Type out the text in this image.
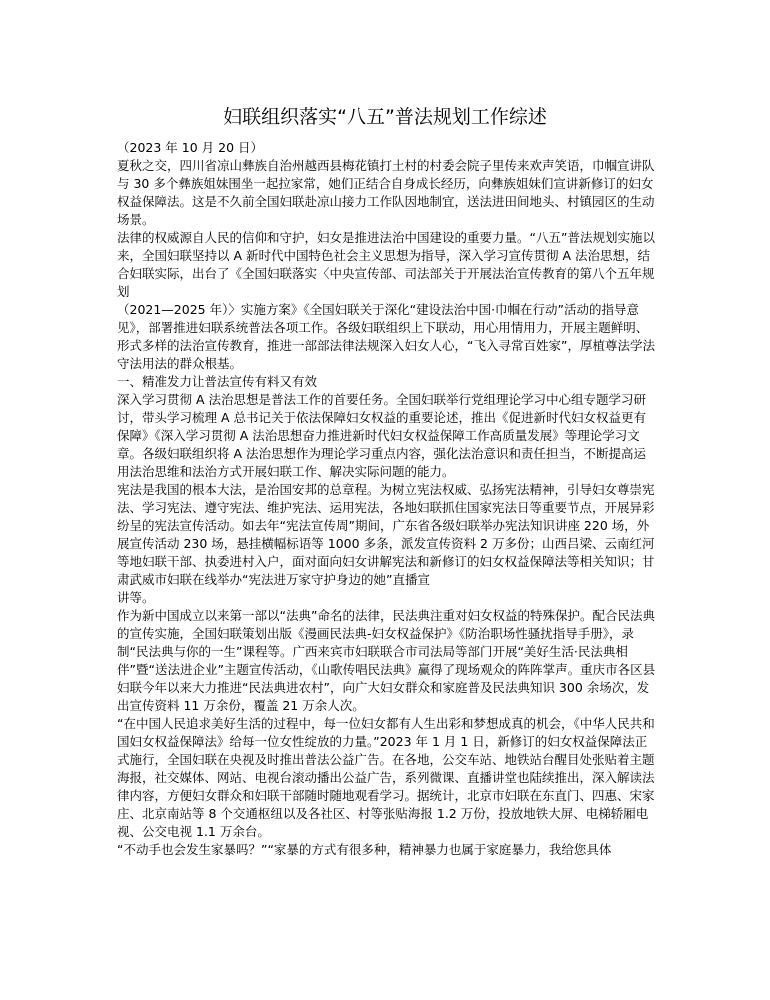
妇联组织落实“八五”普法规划工作综述

（2023 年 10 月 20 日）

夏秋之交，四川省凉山彝族自治州越西县梅花镇打土村的村委会院子里传来欢声笑语，巾帼宣讲队与 30 多个彝族姐妹围坐一起拉家常，她们正结合自身成长经历，向彝族姐妹们宣讲新修订的妇女权益保障法。这是不久前全国妇联赴凉山接力工作队因地制宜，送法进田间地头、村镇园区的生动场景。

法律的权威源自人民的信仰和守护，妇女是推进法治中国建设的重要力量。“八五”普法规划实施以来，全国妇联坚持以 A 新时代中国特色社会主义思想为指导，深入学习宣传贯彻 A 法治思想，结合妇联实际，出台了《全国妇联落实〈中央宣传部、司法部关于开展法治宣传教育的第八个五年规划

（2021—2025 年）〉实施方案》《全国妇联关于深化“建设法治中国·巾帼在行动”活动的指导意见》，部署推进妇联系统普法各项工作。各级妇联组织上下联动，用心用情用力，开展主题鲜明、形式多样的法治宣传教育，推进一部部法律法规深入妇女人心，“飞入寻常百姓家”，厚植尊法学法守法用法的群众根基。

一、精准发力让普法宣传有料又有效

深入学习贯彻 A 法治思想是普法工作的首要任务。全国妇联举行党组理论学习中心组专题学习研讨，带头学习梳理 A 总书记关于依法保障妇女权益的重要论述，推出《促进新时代妇女权益更有保障》《深入学习贯彻 A 法治思想奋力推进新时代妇女权益保障工作高质量发展》等理论学习文章。各级妇联组织将 A 法治思想作为理论学习重点内容，强化法治意识和责任担当，不断提高运用法治思维和法治方式开展妇联工作、解决实际问题的能力。

宪法是我国的根本大法，是治国安邦的总章程。为树立宪法权威、弘扬宪法精神，引导妇女尊崇宪法、学习宪法、遵守宪法、维护宪法、运用宪法，各地妇联抓住国家宪法日等重要节点，开展异彩纷呈的宪法宣传活动。如去年“宪法宣传周”期间，广东省各级妇联举办宪法知识讲座 220 场，外展宣传活动 230 场，悬挂横幅标语等 1000 多条，派发宣传资料 2 万多份；山西吕梁、云南红河等地妇联干部、执委进村入户，面对面向妇女讲解宪法和新修订的妇女权益保障法等相关知识；甘肃武威市妇联在线举办“宪法进万家守护身边的她”直播宣

讲等。

作为新中国成立以来第一部以“法典”命名的法律，民法典注重对妇女权益的特殊保护。配合民法典的宣传实施，全国妇联策划出版《漫画民法典-妇女权益保护》《防治职场性骚扰指导手册》，录制“民法典与你的一生”课程等。广西来宾市妇联联合市司法局等部门开展“美好生活·民法典相伴”暨“送法进企业”主题宣传活动，《山歌传唱民法典》赢得了现场观众的阵阵掌声。重庆市各区县妇联今年以来大力推进“民法典进农村”，向广大妇女群众和家庭普及民法典知识 300 余场次，发出宣传资料 11 万余份，覆盖 21 万余人次。

“在中国人民追求美好生活的过程中，每一位妇女都有人生出彩和梦想成真的机会，《中华人民共和国妇女权益保障法》给每一位女性绽放的力量。”2023 年 1 月 1 日，新修订的妇女权益保障法正式施行，全国妇联在央视及时推出普法公益广告。在各地，公交车站、地铁站台醒目处张贴着主题海报，社交媒体、网站、电视台滚动播出公益广告，系列微课、直播讲堂也陆续推出，深入解读法律内容，方便妇女群众和妇联干部随时随地观看学习。据统计，北京市妇联在东直门、四惠、宋家庄、北京南站等 8 个交通枢纽以及各社区、村等张贴海报 1.2 万份，投放地铁大屏、电梯轿厢电视、公交电视 1.1 万余台。

“不动手也会发生家暴吗？”“家暴的方式有很多种，精神暴力也属于家庭暴力，我给您具体
